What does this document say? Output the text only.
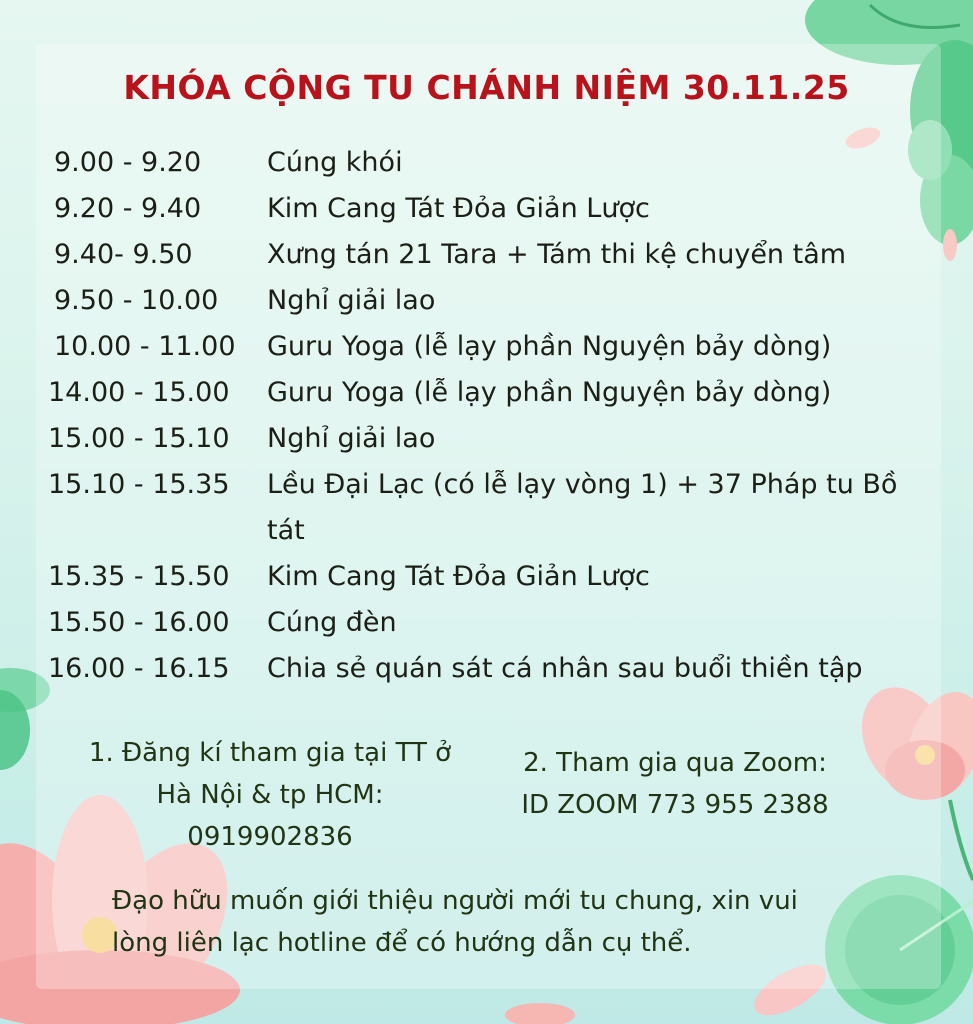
KHÓA CỘNG TU CHÁNH NIỆM 30.11.25
9.00 - 9.20 Cúng khói
9.20 - 9.40 Kim Cang Tát Đỏa Giản Lược
9.40- 9.50	Xưng tán 21 Tara + Tám thi kệ chuyển tâm
9.50 - 10.00 Nghỉ giải lao
10.00 - 11.00 Guru Yoga (lễ lạy phần Nguyện bảy dòng)
14.00 - 15.00 Guru Yoga (lễ lạy phần Nguyện bảy dòng)
15.00 - 15.10 Nghỉ giải lao
15.10 - 15.35 Lều Đại Lạc (có lễ lạy vòng 1) + 37 Pháp tu Bồ tát
15.35 - 15.50 Kim Cang Tát Đỏa Giản Lược
15.50 - 16.00 Cúng đèn
16.00 - 16.15 Chia sẻ quán sát cá nhân sau buổi thiền tập
1. Đăng kí tham gia tại TT ở
Hà Nội & tp HCM:
0919902836
2. Tham gia qua Zoom:
ID ZOOM 773 955 2388
Đạo hữu muốn giới thiệu người mới tu chung, xin vui
lòng liên lạc hotline để có hướng dẫn cụ thể.
